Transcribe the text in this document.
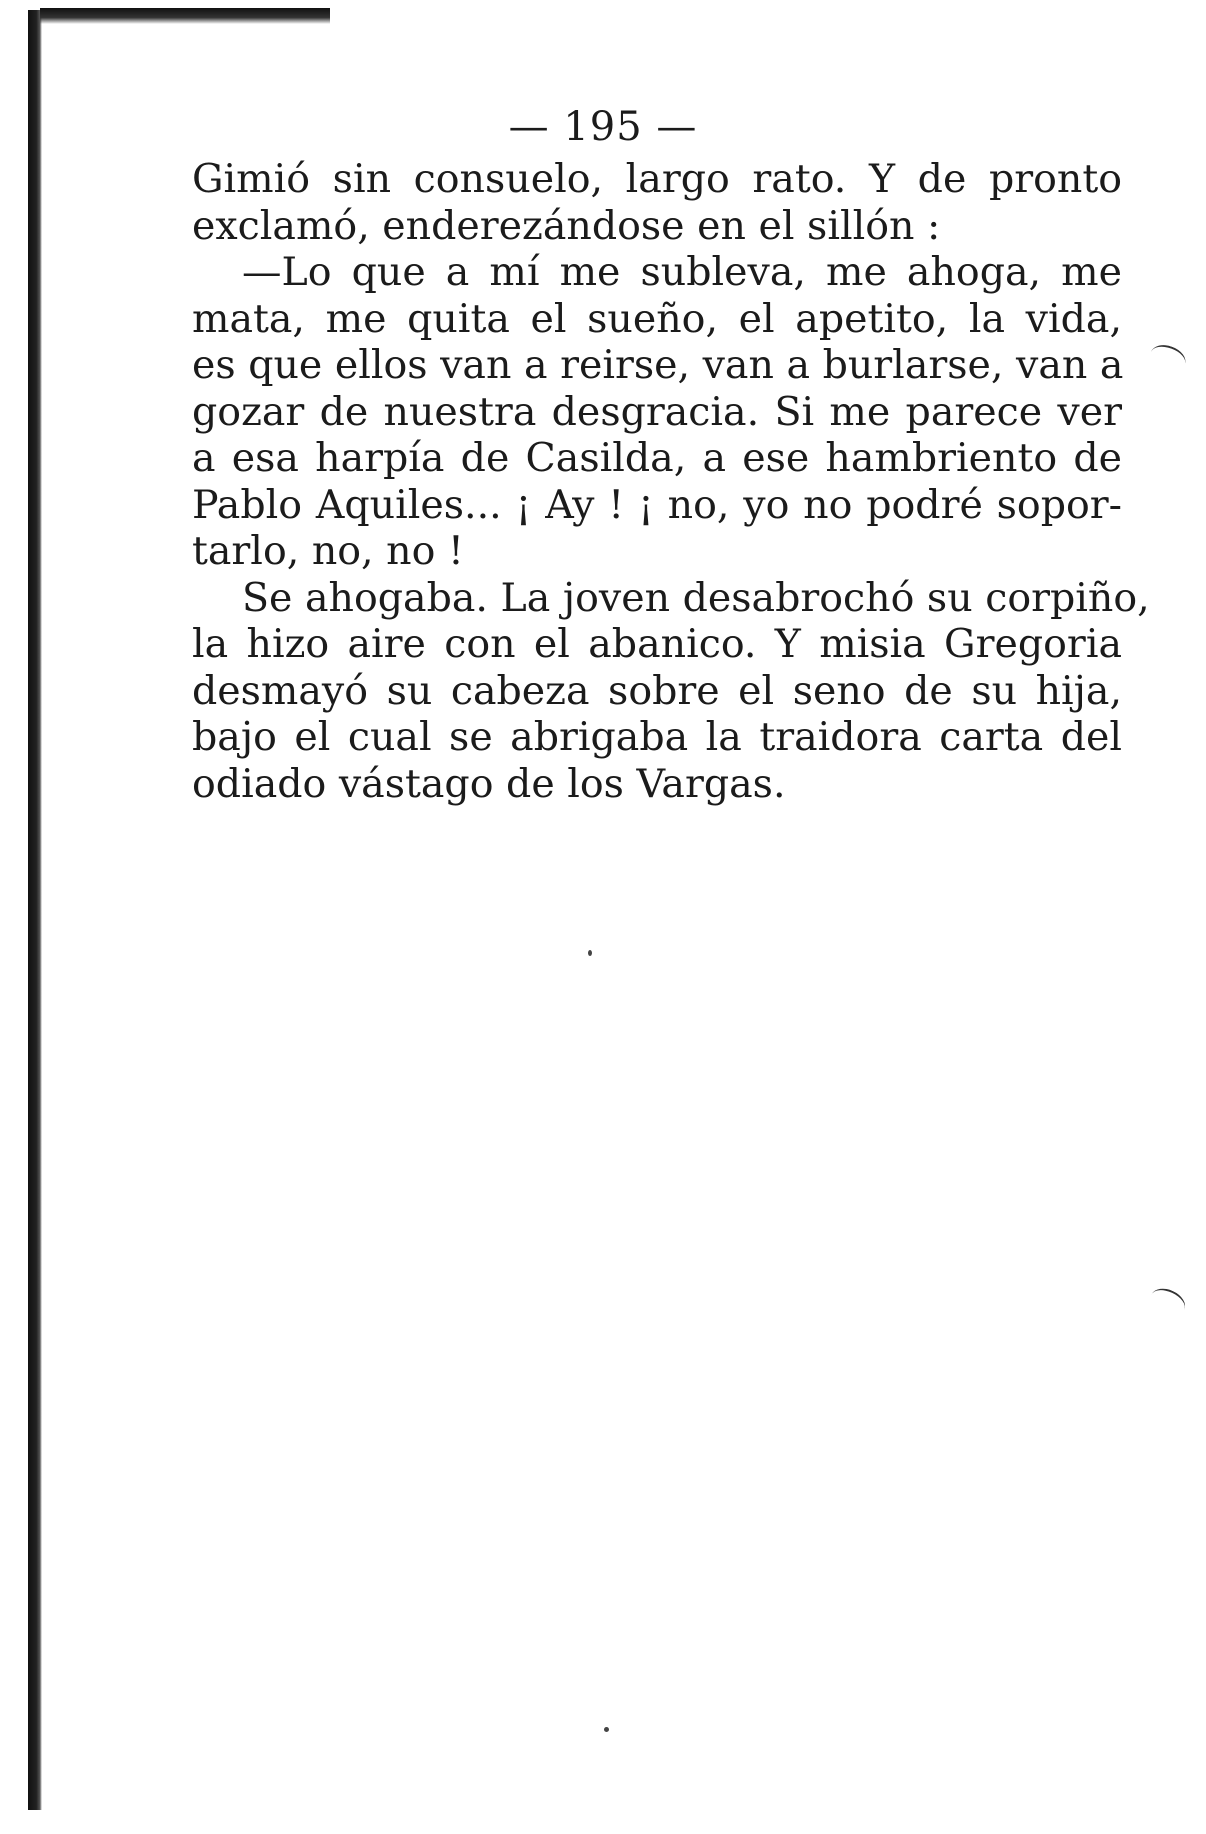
— 195 —
Gimió sin consuelo, largo rato. Y de pronto
exclamó, enderezándose en el sillón :
—Lo que a mí me subleva, me ahoga, me
mata, me quita el sueño, el apetito, la vida,
es que ellos van a reirse, van a burlarse, van a
gozar de nuestra desgracia. Si me parece ver
a esa harpía de Casilda, a ese hambriento de
Pablo Aquiles... ¡ Ay ! ¡ no, yo no podré sopor-
tarlo, no, no !
Se ahogaba. La joven desabrochó su corpiño,
la hizo aire con el abanico. Y misia Gregoria
desmayó su cabeza sobre el seno de su hija,
bajo el cual se abrigaba la traidora carta del
odiado vástago de los Vargas.
